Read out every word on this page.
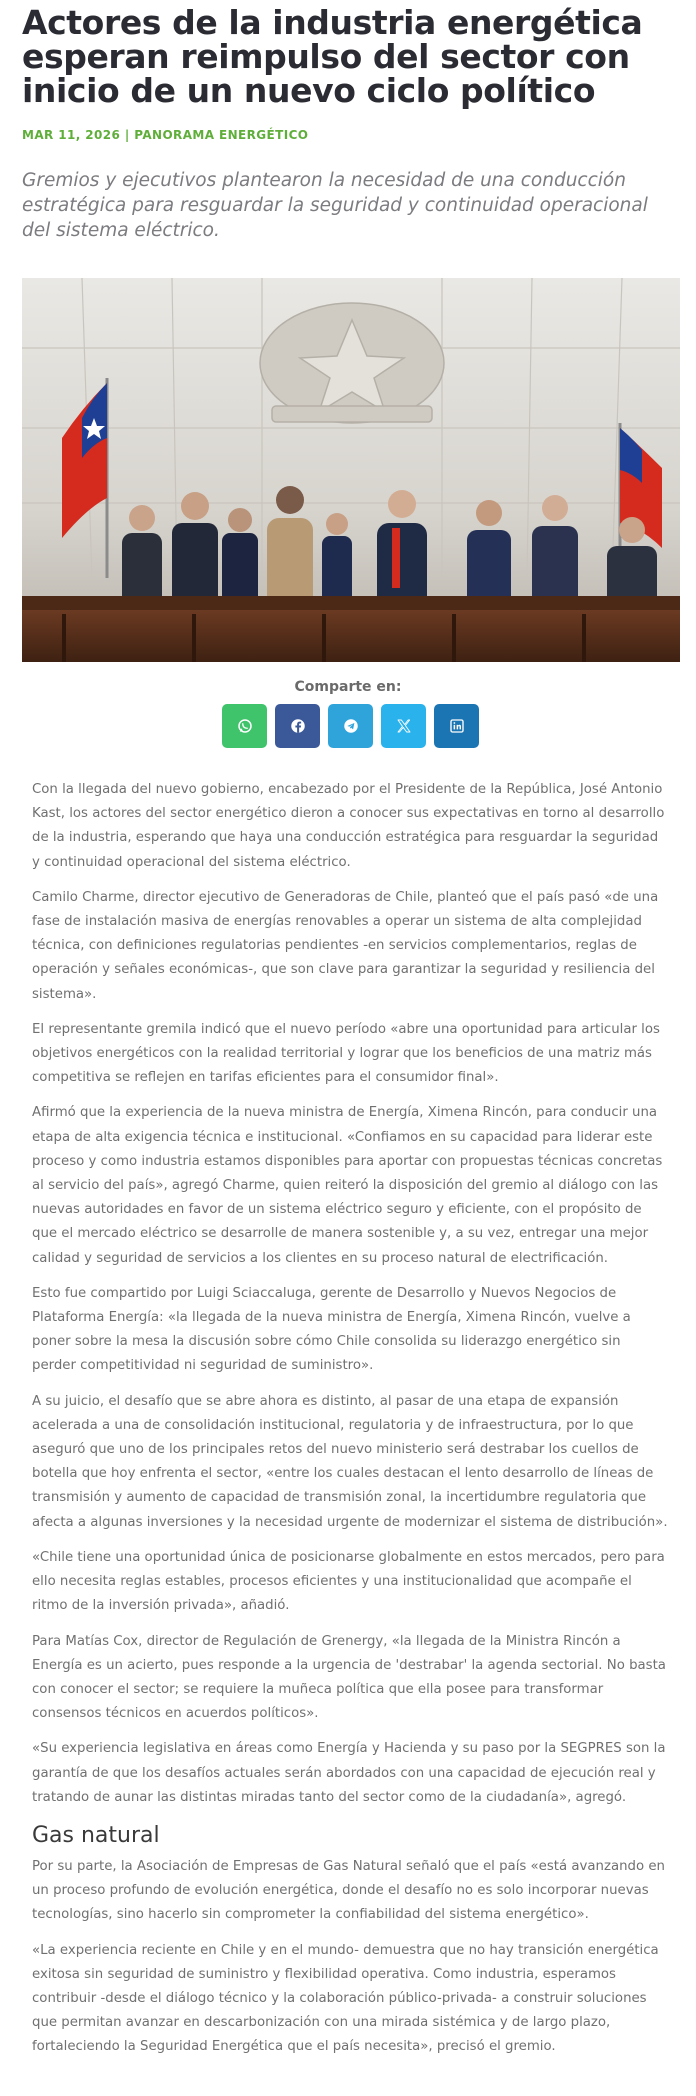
Actores de la industria energética esperan reimpulso del sector con inicio de un nuevo ciclo político
MAR 11, 2026 | PANORAMA ENERGÉTICO

Gremios y ejecutivos plantearon la necesidad de una conducción estratégica para resguardar la seguridad y continuidad operacional del sistema eléctrico.

Comparte en:

Con la llegada del nuevo gobierno, encabezado por el Presidente de la República, José Antonio Kast, los actores del sector energético dieron a conocer sus expectativas en torno al desarrollo de la industria, esperando que haya una conducción estratégica para resguardar la seguridad y continuidad operacional del sistema eléctrico.

Camilo Charme, director ejecutivo de Generadoras de Chile, planteó que el país pasó «de una fase de instalación masiva de energías renovables a operar un sistema de alta complejidad técnica, con definiciones regulatorias pendientes -en servicios complementarios, reglas de operación y señales económicas-, que son clave para garantizar la seguridad y resiliencia del sistema».

El representante gremila indicó que el nuevo período «abre una oportunidad para articular los objetivos energéticos con la realidad territorial y lograr que los beneficios de una matriz más competitiva se reflejen en tarifas eficientes para el consumidor final».

Afirmó que la experiencia de la nueva ministra de Energía, Ximena Rincón, para conducir una etapa de alta exigencia técnica e institucional. «Confiamos en su capacidad para liderar este proceso y como industria estamos disponibles para aportar con propuestas técnicas concretas al servicio del país», agregó Charme, quien reiteró la disposición del gremio al diálogo con las nuevas autoridades en favor de un sistema eléctrico seguro y eficiente, con el propósito de que el mercado eléctrico se desarrolle de manera sostenible y, a su vez, entregar una mejor calidad y seguridad de servicios a los clientes en su proceso natural de electrificación.

Esto fue compartido por Luigi Sciaccaluga, gerente de Desarrollo y Nuevos Negocios de Plataforma Energía: «la llegada de la nueva ministra de Energía, Ximena Rincón, vuelve a poner sobre la mesa la discusión sobre cómo Chile consolida su liderazgo energético sin perder competitividad ni seguridad de suministro».

A su juicio, el desafío que se abre ahora es distinto, al pasar de una etapa de expansión acelerada a una de consolidación institucional, regulatoria y de infraestructura, por lo que aseguró que uno de los principales retos del nuevo ministerio será destrabar los cuellos de botella que hoy enfrenta el sector, «entre los cuales destacan el lento desarrollo de líneas de transmisión y aumento de capacidad de transmisión zonal, la incertidumbre regulatoria que afecta a algunas inversiones y la necesidad urgente de modernizar el sistema de distribución».

«Chile tiene una oportunidad única de posicionarse globalmente en estos mercados, pero para ello necesita reglas estables, procesos eficientes y una institucionalidad que acompañe el ritmo de la inversión privada», añadió.

Para Matías Cox, director de Regulación de Grenergy, «la llegada de la Ministra Rincón a Energía es un acierto, pues responde a la urgencia de 'destrabar' la agenda sectorial. No basta con conocer el sector; se requiere la muñeca política que ella posee para transformar consensos técnicos en acuerdos políticos».

«Su experiencia legislativa en áreas como Energía y Hacienda y su paso por la SEGPRES son la garantía de que los desafíos actuales serán abordados con una capacidad de ejecución real y tratando de aunar las distintas miradas tanto del sector como de la ciudadanía», agregó.

Gas natural

Por su parte, la Asociación de Empresas de Gas Natural señaló que el país «está avanzando en un proceso profundo de evolución energética, donde el desafío no es solo incorporar nuevas tecnologías, sino hacerlo sin comprometer la confiabilidad del sistema energético».

«La experiencia reciente en Chile y en el mundo- demuestra que no hay transición energética exitosa sin seguridad de suministro y flexibilidad operativa. Como industria, esperamos contribuir -desde el diálogo técnico y la colaboración público-privada- a construir soluciones que permitan avanzar en descarbonización con una mirada sistémica y de largo plazo, fortaleciendo la Seguridad Energética que el país necesita», precisó el gremio.
